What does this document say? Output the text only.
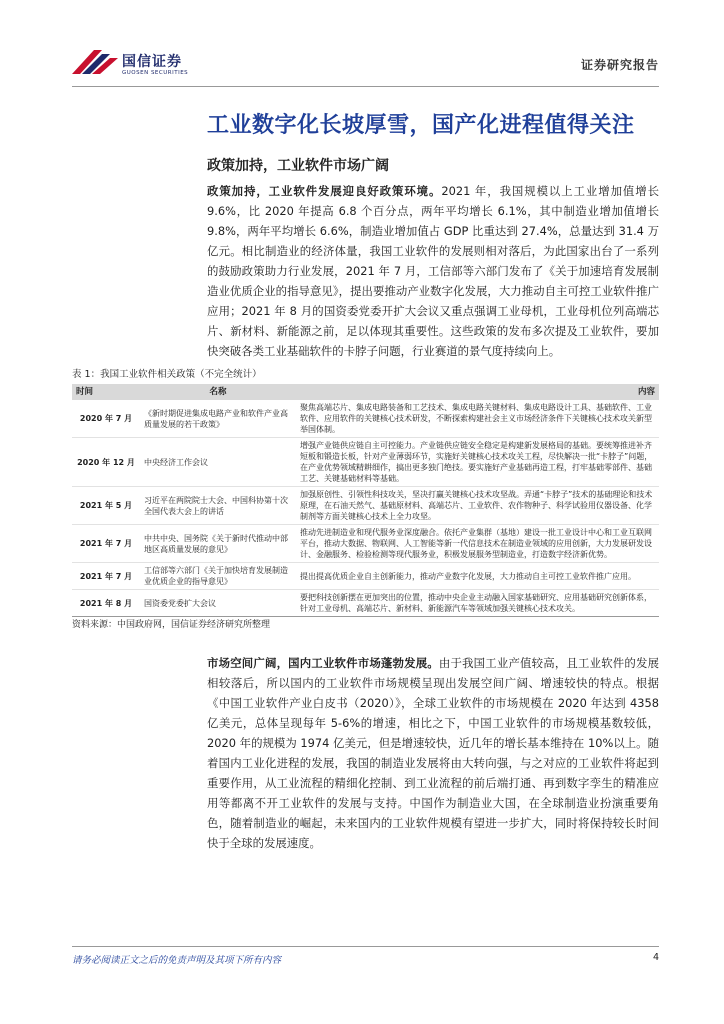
国信证券
GUOSEN SECURITIES
证券研究报告
工业数字化长坡厚雪，国产化进程值得关注
政策加持，工业软件市场广阔

政策加持，工业软件发展迎良好政策环境。2021 年，我国规模以上工业增加值增长 9.6%，比 2020 年提高 6.8 个百分点，两年平均增长 6.1%，其中制造业增加值增长 9.8%，两年平均增长 6.6%，制造业增加值占 GDP 比重达到 27.4%，总量达到 31.4 万亿元。相比制造业的经济体量，我国工业软件的发展则相对落后，为此国家出台了一系列的鼓励政策助力行业发展，2021 年 7 月，工信部等六部门发布了《关于加速培育发展制造业优质企业的指导意见》，提出要推动产业数字化发展，大力推动自主可控工业软件推广应用；2021 年 8 月的国资委党委开扩大会议又重点强调工业母机，工业母机位列高端芯片、新材料、新能源之前，足以体现其重要性。这些政策的发布多次提及工业软件，要加快突破各类工业基础软件的卡脖子问题，行业赛道的景气度持续向上。

表 1：我国工业软件相关政策（不完全统计）
时间	名称	内容
2020 年 7 月	《新时期促进集成电路产业和软件产业高质量发展的若干政策》	聚焦高端芯片、集成电路装备和工艺技术、集成电路关键材料、集成电路设计工具、基础软件、工业软件、应用软件的关键核心技术研发，不断探索构建社会主义市场经济条件下关键核心技术攻关新型举国体制。
2020 年 12 月	中央经济工作会议	增强产业链供应链自主可控能力。产业链供应链安全稳定是构建新发展格局的基础。要统筹推进补齐短板和锻造长板，针对产业薄弱环节，实施好关键核心技术攻关工程，尽快解决一批“卡脖子”问题，在产业优势领域精耕细作，搞出更多独门绝技。要实施好产业基础再造工程，打牢基础零部件、基础工艺、关键基础材料等基础。
2021 年 5 月	习近平在两院院士大会、中国科协第十次全国代表大会上的讲话	加强原创性、引领性科技攻关，坚决打赢关键核心技术攻坚战。弄通“卡脖子”技术的基础理论和技术原理，在石油天然气、基础原材料、高端芯片、工业软件、农作物种子、科学试验用仪器设备、化学制剂等方面关键核心技术上全力攻坚。
2021 年 7 月	中共中央、国务院《关于新时代推动中部地区高质量发展的意见》	推动先进制造业和现代服务业深度融合。依托产业集群（基地）建设一批工业设计中心和工业互联网平台，推动大数据、物联网、人工智能等新一代信息技术在制造业领域的应用创新，大力发展研发设计、金融服务、检验检测等现代服务业，积极发展服务型制造业，打造数字经济新优势。
2021 年 7 月	工信部等六部门《关于加快培育发展制造业优质企业的指导意见》	提出提高优质企业自主创新能力，推动产业数字化发展，大力推动自主可控工业软件推广应用。
2021 年 8 月	国资委党委扩大会议	要把科技创新摆在更加突出的位置，推动中央企业主动融入国家基础研究、应用基础研究创新体系，针对工业母机、高端芯片、新材料、新能源汽车等领域加强关键核心技术攻关。
资料来源：中国政府网，国信证券经济研究所整理

市场空间广阔，国内工业软件市场蓬勃发展。由于我国工业产值较高，且工业软件的发展相较落后，所以国内的工业软件市场规模呈现出发展空间广阔、增速较快的特点。根据《中国工业软件产业白皮书（2020）》，全球工业软件的市场规模在 2020 年达到 4358 亿美元，总体呈现每年 5-6%的增速，相比之下，中国工业软件的市场规模基数较低，2020 年的规模为 1974 亿美元，但是增速较快，近几年的增长基本维持在 10%以上。随着国内工业化进程的发展，我国的制造业发展将由大转向强，与之对应的工业软件将起到重要作用，从工业流程的精细化控制、到工业流程的前后端打通、再到数字孪生的精准应用等都离不开工业软件的发展与支持。中国作为制造业大国，在全球制造业扮演重要角色，随着制造业的崛起，未来国内的工业软件规模有望进一步扩大，同时将保持较长时间快于全球的发展速度。

请务必阅读正文之后的免责声明及其项下所有内容	4
